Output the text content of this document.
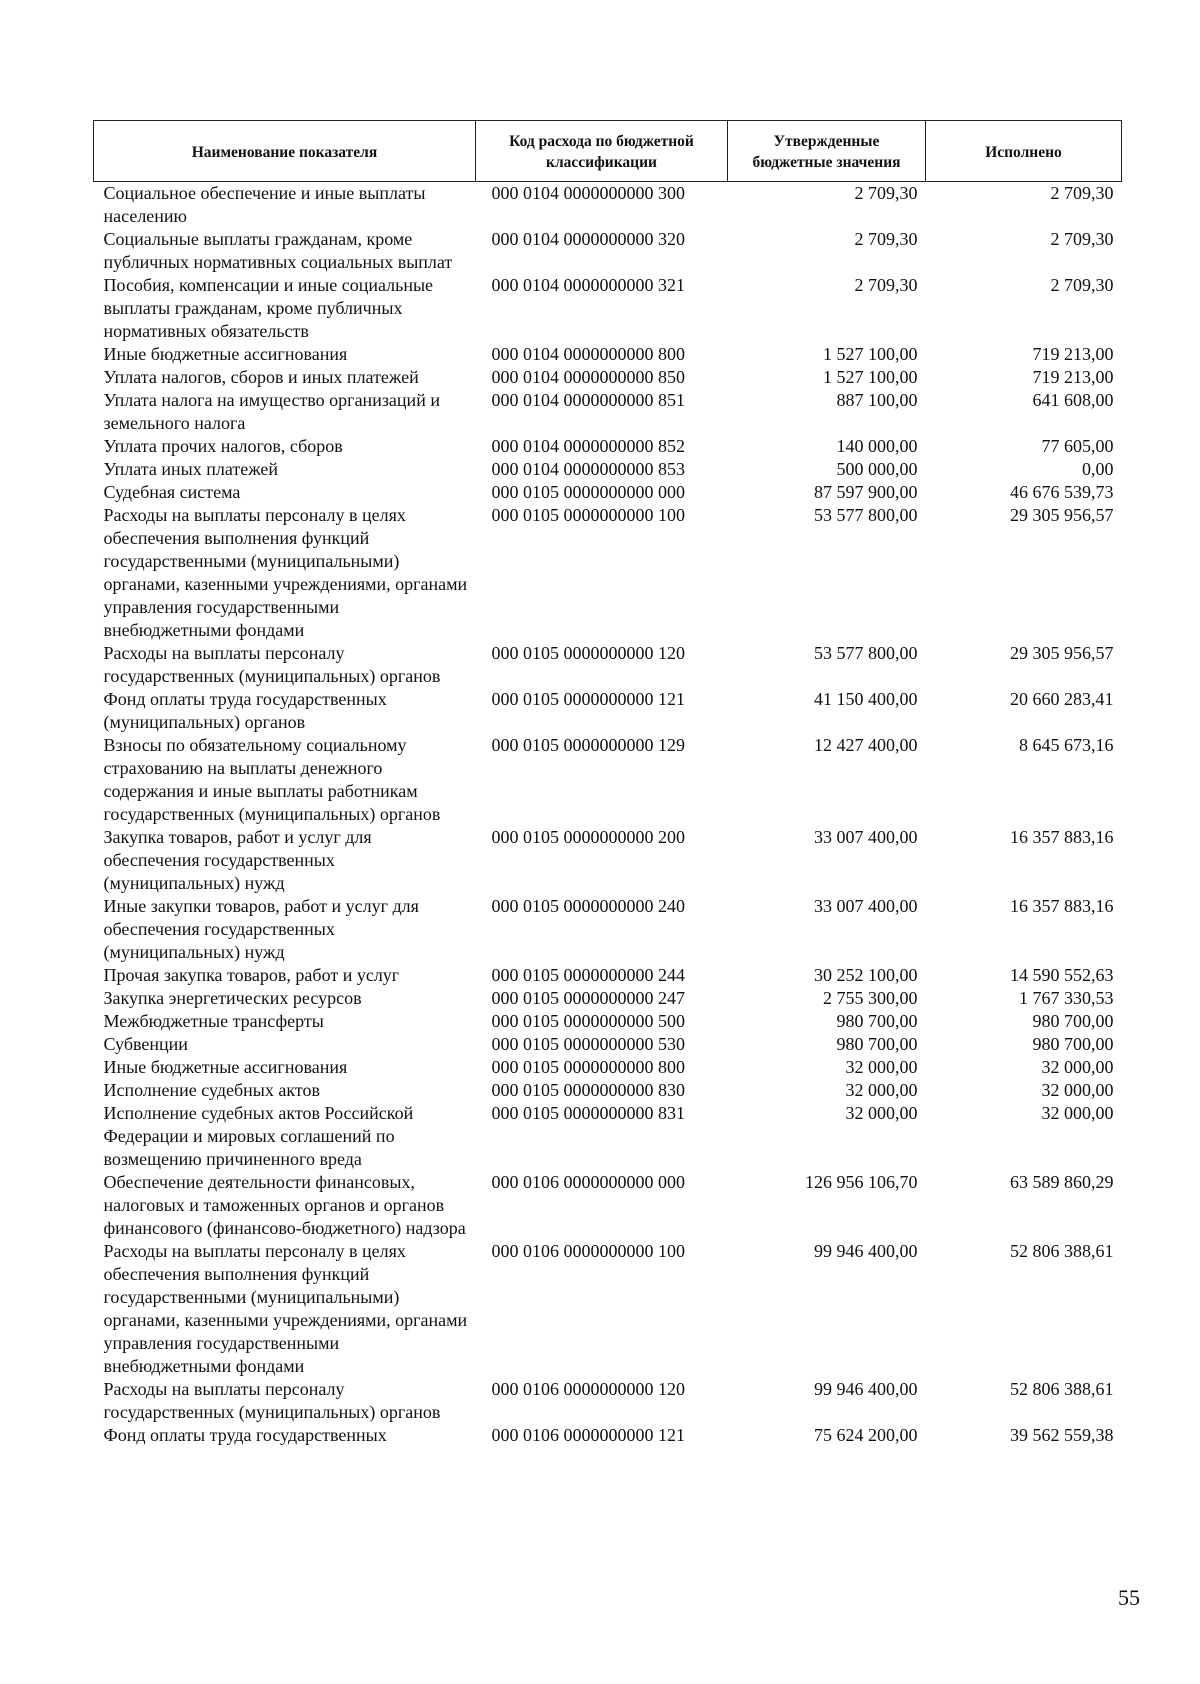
Наименование показателя	Код расхода по бюджетной классификации	Утвержденные бюджетные значения	Исполнено
Социальное обеспечение и иные выплаты населению	000 0104 0000000000 300	2 709,30	2 709,30
Социальные выплаты гражданам, кроме публичных нормативных социальных выплат	000 0104 0000000000 320	2 709,30	2 709,30
Пособия, компенсации и иные социальные выплаты гражданам, кроме публичных нормативных обязательств	000 0104 0000000000 321	2 709,30	2 709,30
Иные бюджетные ассигнования	000 0104 0000000000 800	1 527 100,00	719 213,00
Уплата налогов, сборов и иных платежей	000 0104 0000000000 850	1 527 100,00	719 213,00
Уплата налога на имущество организаций и земельного налога	000 0104 0000000000 851	887 100,00	641 608,00
Уплата прочих налогов, сборов	000 0104 0000000000 852	140 000,00	77 605,00
Уплата иных платежей	000 0104 0000000000 853	500 000,00	0,00
Судебная система	000 0105 0000000000 000	87 597 900,00	46 676 539,73
Расходы на выплаты персоналу в целях обеспечения выполнения функций государственными (муниципальными) органами, казенными учреждениями, органами управления государственными внебюджетными фондами	000 0105 0000000000 100	53 577 800,00	29 305 956,57
Расходы на выплаты персоналу государственных (муниципальных) органов	000 0105 0000000000 120	53 577 800,00	29 305 956,57
Фонд оплаты труда государственных (муниципальных) органов	000 0105 0000000000 121	41 150 400,00	20 660 283,41
Взносы по обязательному социальному страхованию на выплаты денежного содержания и иные выплаты работникам государственных (муниципальных) органов	000 0105 0000000000 129	12 427 400,00	8 645 673,16
Закупка товаров, работ и услуг для обеспечения государственных (муниципальных) нужд	000 0105 0000000000 200	33 007 400,00	16 357 883,16
Иные закупки товаров, работ и услуг для обеспечения государственных (муниципальных) нужд	000 0105 0000000000 240	33 007 400,00	16 357 883,16
Прочая закупка товаров, работ и услуг	000 0105 0000000000 244	30 252 100,00	14 590 552,63
Закупка энергетических ресурсов	000 0105 0000000000 247	2 755 300,00	1 767 330,53
Межбюджетные трансферты	000 0105 0000000000 500	980 700,00	980 700,00
Субвенции	000 0105 0000000000 530	980 700,00	980 700,00
Иные бюджетные ассигнования	000 0105 0000000000 800	32 000,00	32 000,00
Исполнение судебных актов	000 0105 0000000000 830	32 000,00	32 000,00
Исполнение судебных актов Российской Федерации и мировых соглашений по возмещению причиненного вреда	000 0105 0000000000 831	32 000,00	32 000,00
Обеспечение деятельности финансовых, налоговых и таможенных органов и органов финансового (финансово-бюджетного) надзора	000 0106 0000000000 000	126 956 106,70	63 589 860,29
Расходы на выплаты персоналу в целях обеспечения выполнения функций государственными (муниципальными) органами, казенными учреждениями, органами управления государственными внебюджетными фондами	000 0106 0000000000 100	99 946 400,00	52 806 388,61
Расходы на выплаты персоналу государственных (муниципальных) органов	000 0106 0000000000 120	99 946 400,00	52 806 388,61
Фонд оплаты труда государственных	000 0106 0000000000 121	75 624 200,00	39 562 559,38
55
